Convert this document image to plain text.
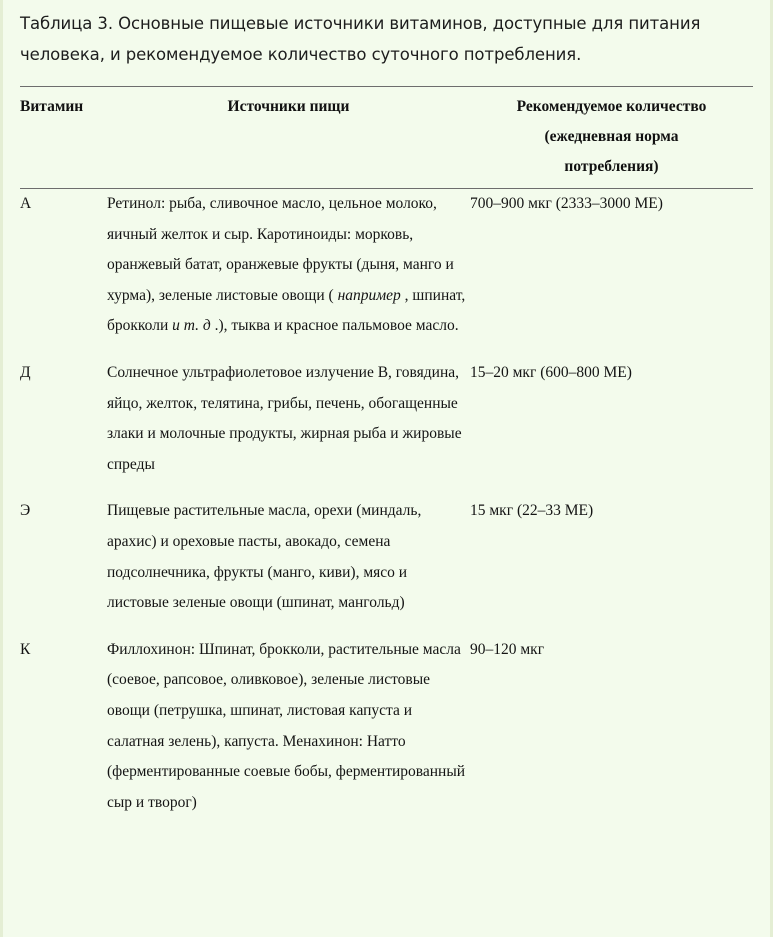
Таблица 3. Основные пищевые источники витаминов, доступные для питания человека, и рекомендуемое количество суточного потребления.

Витамин	Источники пищи	Рекомендуемое количество
(ежедневная норма
потребления)
А	Ретинол: рыба, сливочное масло, цельное молоко, яичный желток и сыр. Каротиноиды: морковь, оранжевый батат, оранжевые фрукты (дыня, манго и хурма), зеленые листовые овощи ( например , шпинат, брокколи и т. д .), тыква и красное пальмовое масло.	700–900 мкг (2333–3000 МЕ)

Д	Солнечное ультрафиолетовое излучение В, говядина, яйцо, желток, телятина, грибы, печень, обогащенные злаки и молочные продукты, жирная рыба и жировые спреды	15–20 мкг (600–800 МЕ)

Э	Пищевые растительные масла, орехи (миндаль, арахис) и ореховые пасты, авокадо, семена подсолнечника, фрукты (манго, киви), мясо и листовые зеленые овощи (шпинат, мангольд)	15 мкг (22–33 МЕ)

К	Филлохинон: Шпинат, брокколи, растительные масла (соевое, рапсовое, оливковое), зеленые листовые овощи (петрушка, шпинат, листовая капуста и салатная зелень), капуста. Менахинон: Натто (ферментированные соевые бобы, ферментированный сыр и творог)	90–120 мкг
